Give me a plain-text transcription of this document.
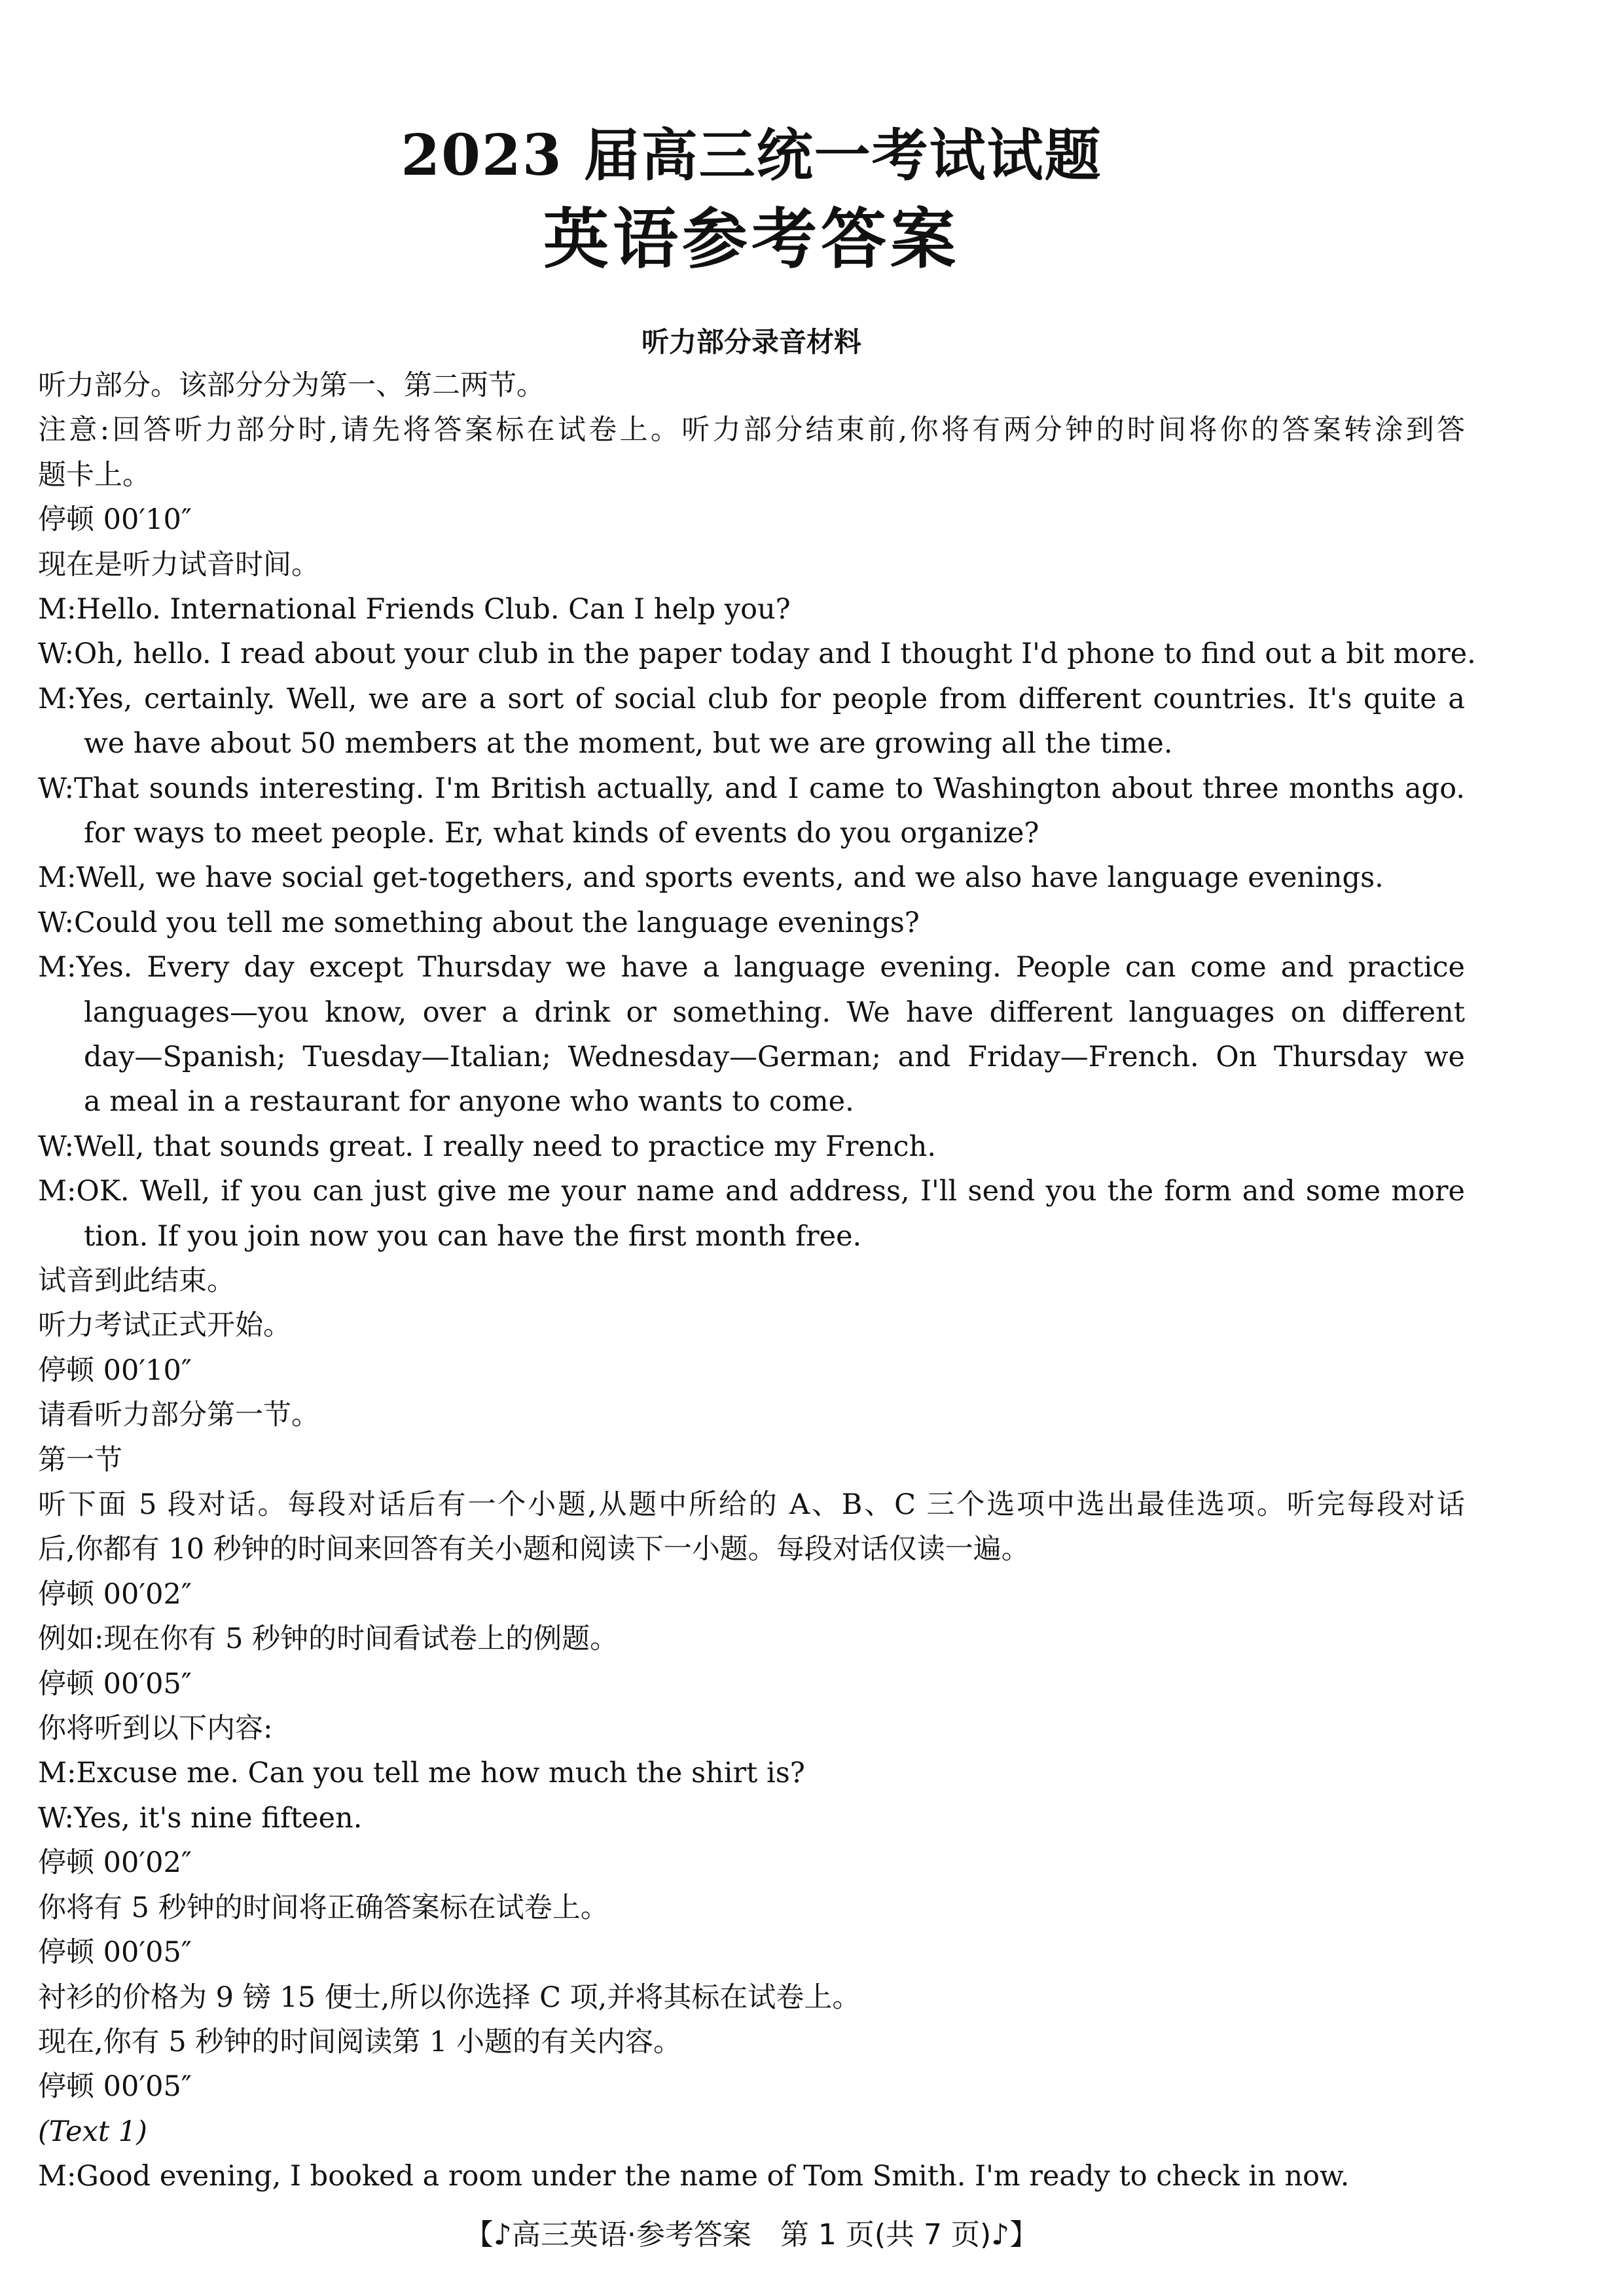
2023 届高三统一考试试题
英语参考答案
听力部分录音材料
听力部分。该部分分为第一、第二两节。
注意:回答听力部分时,请先将答案标在试卷上。听力部分结束前,你将有两分钟的时间将你的答案转涂到答
题卡上。
停顿 00′10″
现在是听力试音时间。
M:Hello. International Friends Club. Can I help you?
W:Oh, hello. I read about your club in the paper today and I thought I'd phone to find out a bit more.
M:Yes, certainly. Well, we are a sort of social club for people from different countries. It's quite a
we have about 50 members at the moment, but we are growing all the time.
W:That sounds interesting. I'm British actually, and I came to Washington about three months ago.
for ways to meet people. Er, what kinds of events do you organize?
M:Well, we have social get-togethers, and sports events, and we also have language evenings.
W:Could you tell me something about the language evenings?
M:Yes. Every day except Thursday we have a language evening. People can come and practice
languages—you know, over a drink or something. We have different languages on different
day—Spanish; Tuesday—Italian; Wednesday—German; and Friday—French. On Thursday we
a meal in a restaurant for anyone who wants to come.
W:Well, that sounds great. I really need to practice my French.
M:OK. Well, if you can just give me your name and address, I'll send you the form and some more
tion. If you join now you can have the first month free.
试音到此结束。
听力考试正式开始。
停顿 00′10″
请看听力部分第一节。
第一节
听下面 5 段对话。每段对话后有一个小题,从题中所给的 A、B、C 三个选项中选出最佳选项。听完每段对话
后,你都有 10 秒钟的时间来回答有关小题和阅读下一小题。每段对话仅读一遍。
停顿 00′02″
例如:现在你有 5 秒钟的时间看试卷上的例题。
停顿 00′05″
你将听到以下内容:
M:Excuse me. Can you tell me how much the shirt is?
W:Yes, it's nine fifteen.
停顿 00′02″
你将有 5 秒钟的时间将正确答案标在试卷上。
停顿 00′05″
衬衫的价格为 9 镑 15 便士,所以你选择 C 项,并将其标在试卷上。
现在,你有 5 秒钟的时间阅读第 1 小题的有关内容。
停顿 00′05″
(Text 1)
M:Good evening, I booked a room under the name of Tom Smith. I'm ready to check in now.
【♪高三英语·参考答案　第 1 页(共 7 页)♪】
